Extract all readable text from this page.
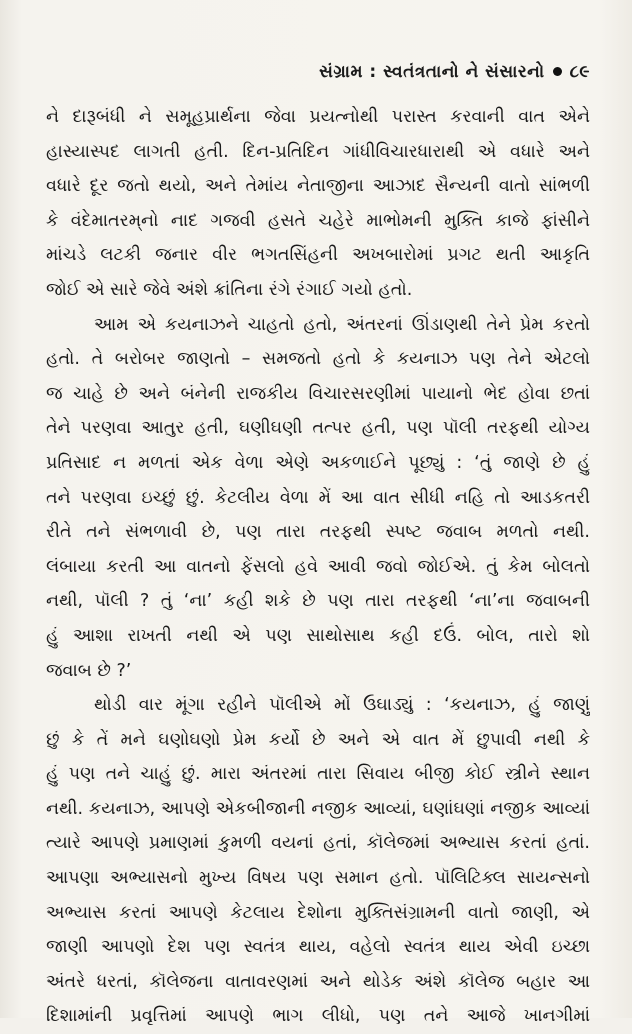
સંગ્રામ : સ્વતંત્રતાનો ને સંસારનો ૮૯
ને દારૂબંધી ને સમૂહપ્રાર્થના જેવા પ્રયત્નોથી પરાસ્ત કરવાની વાત એને
હાસ્યાસ્પદ લાગતી હતી. દિન-પ્રતિદિન ગાંધીવિચારધારાથી એ વધારે અને
વધારે દૂર જતો થયો, અને તેમાંય નેતાજીના આઝાદ સૈન્યની વાતો સાંભળી
કે વંદેમાતરમ્‌નો નાદ ગજવી હસતે ચહેરે માભોમની મુક્તિ કાજે ફાંસીને
માંચડે લટકી જનાર વીર ભગતસિંહની અખબારોમાં પ્રગટ થતી આકૃતિ
જોઈ એ સારે જેવે અંશે ક્રાંતિના રંગે રંગાઈ ગયો હતો.
આમ એ કયનાઝને ચાહતો હતો, અંતરનાં ઊંડાણથી તેને પ્રેમ કરતો
હતો. તે બરોબર જાણતો – સમજતો હતો કે કયનાઝ પણ તેને એટલો
જ ચાહે છે અને બંનેની રાજકીય વિચારસરણીમાં પાયાનો ભેદ હોવા છતાં
તેને પરણવા આતુર હતી, ઘણીઘણી તત્પર હતી, પણ પૉલી તરફથી યોગ્ય
પ્રતિસાદ ન મળતાં એક વેળા એણે અકળાઈને પૂછ્યું : ‘તું જાણે છે હું
તને પરણવા ઇચ્છું છું. કેટલીય વેળા મેં આ વાત સીધી નહિ તો આડકતરી
રીતે તને સંભળાવી છે, પણ તારા તરફથી સ્પષ્ટ જવાબ મળતો નથી.
લંબાયા કરતી આ વાતનો ફેંસલો હવે આવી જવો જોઈએ. તું કેમ બોલતો
નથી, પૉલી ? તું ‘ના’ કહી શકે છે પણ તારા તરફથી ‘ના’ના જવાબની
હું આશા રાખતી નથી એ પણ સાથોસાથ કહી દઉં. બોલ, તારો શો
જવાબ છે ?’
થોડી વાર મૂંગા રહીને પૉલીએ મોં ઉઘાડ્યું : ‘કયનાઝ, હું જાણું
છું કે તેં મને ઘણોઘણો પ્રેમ કર્યો છે અને એ વાત મેં છુપાવી નથી કે
હું પણ તને ચાહું છું. મારા અંતરમાં તારા સિવાય બીજી કોઈ સ્ત્રીને સ્થાન
નથી. કયનાઝ, આપણે એકબીજાની નજીક આવ્યાં, ઘણાંઘણાં નજીક આવ્યાં
ત્યારે આપણે પ્રમાણમાં કુમળી વયનાં હતાં, કૉલેજમાં અભ્યાસ કરતાં હતાં.
આપણા અભ્યાસનો મુખ્ય વિષય પણ સમાન હતો. પૉલિટિક્લ સાયન્સનો
અભ્યાસ કરતાં આપણે કેટલાય દેશોના મુક્તિસંગ્રામની વાતો જાણી, એ
જાણી આપણો દેશ પણ સ્વતંત્ર થાય, વહેલો સ્વતંત્ર થાય એવી ઇચ્છા
અંતરે ધરતાં, કૉલેજના વાતાવરણમાં અને થોડેક અંશે કૉલેજ બહાર આ
દિશામાંની પ્રવૃત્તિમાં આપણે ભાગ લીધો, પણ તને આજે ખાનગીમાં
